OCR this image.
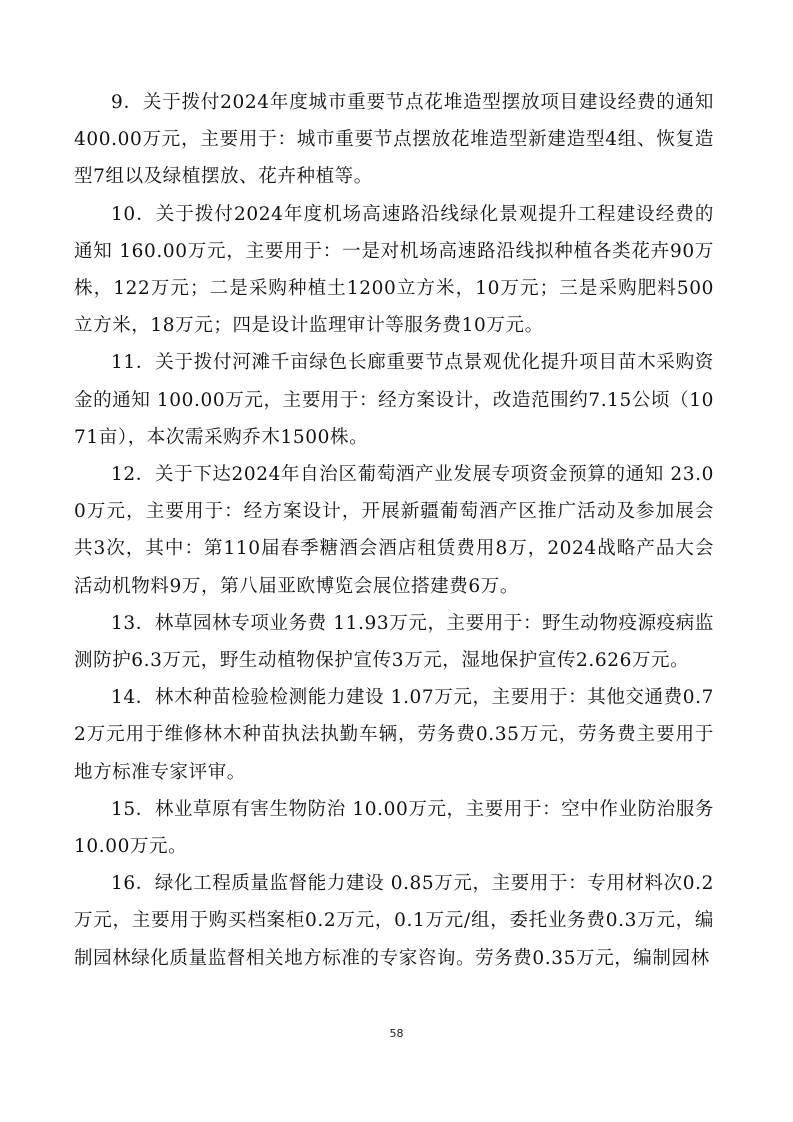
9．关于拨付2024年度城市重要节点花堆造型摆放项目建设经费的通知 400.00万元，主要用于：城市重要节点摆放花堆造型新建造型4组、恢复造型7组以及绿植摆放、花卉种植等。

10．关于拨付2024年度机场高速路沿线绿化景观提升工程建设经费的通知 160.00万元，主要用于：一是对机场高速路沿线拟种植各类花卉90万株，122万元；二是采购种植土1200立方米，10万元；三是采购肥料500立方米，18万元；四是设计监理审计等服务费10万元。

11．关于拨付河滩千亩绿色长廊重要节点景观优化提升项目苗木采购资金的通知 100.00万元，主要用于：经方案设计，改造范围约7.15公顷（1071亩），本次需采购乔木1500株。

12．关于下达2024年自治区葡萄酒产业发展专项资金预算的通知 23.00万元，主要用于：经方案设计，开展新疆葡萄酒产区推广活动及参加展会共3次，其中：第110届春季糖酒会酒店租赁费用8万，2024战略产品大会活动机物料9万，第八届亚欧博览会展位搭建费6万。

13．林草园林专项业务费 11.93万元，主要用于：野生动物疫源疫病监测防护6.3万元，野生动植物保护宣传3万元，湿地保护宣传2.626万元。

14．林木种苗检验检测能力建设 1.07万元，主要用于：其他交通费0.72万元用于维修林木种苗执法执勤车辆，劳务费0.35万元，劳务费主要用于地方标准专家评审。

15．林业草原有害生物防治 10.00万元，主要用于：空中作业防治服务10.00万元。

16．绿化工程质量监督能力建设 0.85万元，主要用于：专用材料次0.2万元，主要用于购买档案柜0.2万元，0.1万元/组，委托业务费0.3万元，编制园林绿化质量监督相关地方标准的专家咨询。劳务费0.35万元，编制园林

58
